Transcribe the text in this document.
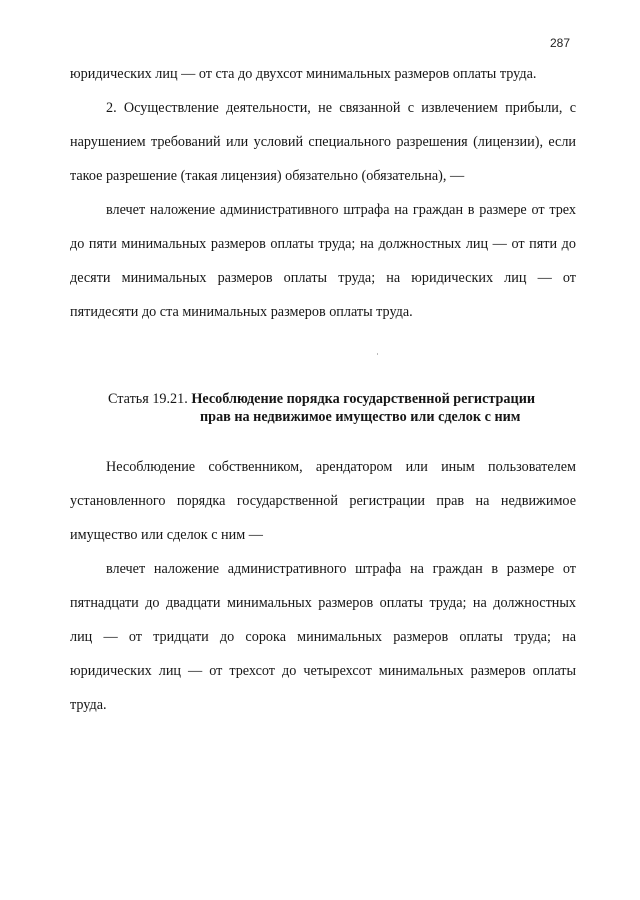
287

юридических лиц — от ста до двухсот минимальных размеров оплаты труда.

2. Осуществление деятельности, не связанной с извлечением прибыли, с нарушением требований или условий специального разрешения (лицензии), если такое разрешение (такая лицензия) обязательно (обязательна), —

влечет наложение административного штрафа на граждан в размере от трех до пяти минимальных размеров оплаты труда; на должностных лиц — от пяти до десяти минимальных размеров оплаты труда; на юридических лиц — от пятидесяти до ста минимальных размеров оплаты труда.

Статья 19.21. Несоблюдение порядка государственной регистрации
прав на недвижимое имущество или сделок с ним

Несоблюдение собственником, арендатором или иным пользователем установленного порядка государственной регистрации прав на недвижимое имущество или сделок с ним —

влечет наложение административного штрафа на граждан в размере от пятнадцати до двадцати минимальных размеров оплаты труда; на должностных лиц — от тридцати до сорока минимальных размеров оплаты труда; на юридических лиц — от трехсот до четырехсот минимальных размеров оплаты труда.
